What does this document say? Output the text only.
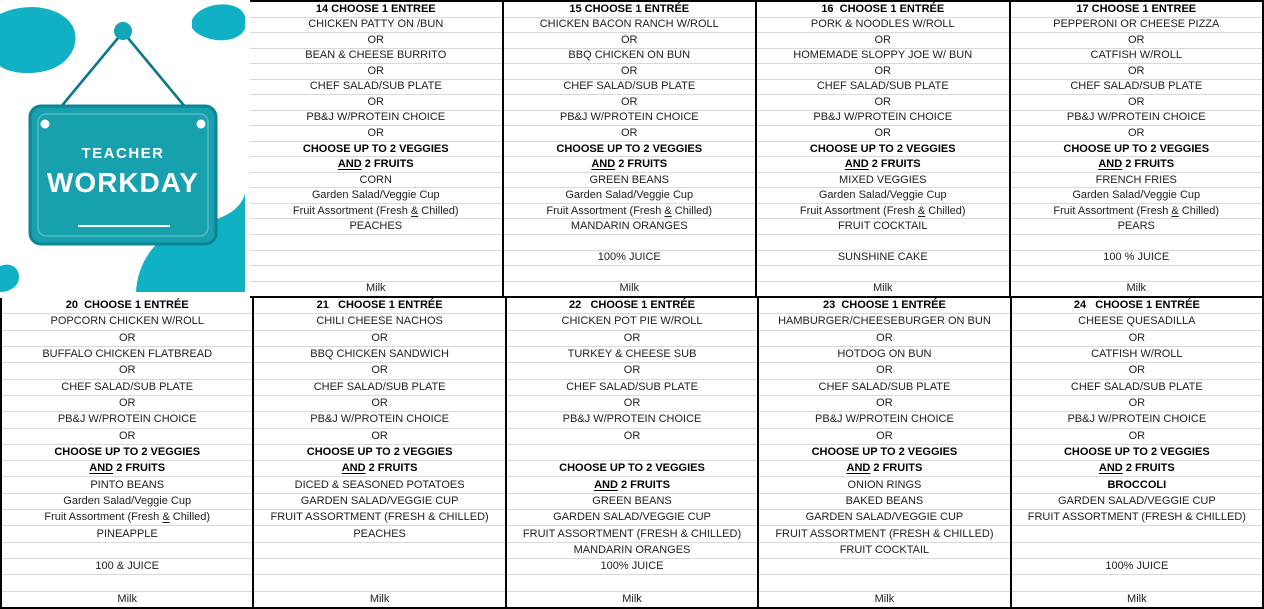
TEACHER
WORKDAY
14 CHOOSE 1 ENTREE
CHICKEN PATTY ON /BUN
OR
BEAN & CHEESE BURRITO
OR
CHEF SALAD/SUB PLATE
OR
PB&J W/PROTEIN CHOICE
OR
CHOOSE UP TO 2 VEGGIES
AND 2 FRUITS
CORN
Garden Salad/Veggie Cup
Fruit Assortment (Fresh & Chilled)
PEACHES
Milk
15 CHOOSE 1 ENTRÉE
CHICKEN BACON RANCH W/ROLL
OR
BBQ CHICKEN ON BUN
OR
CHEF SALAD/SUB PLATE
OR
PB&J W/PROTEIN CHOICE
OR
CHOOSE UP TO 2 VEGGIES
AND 2 FRUITS
GREEN BEANS
Garden Salad/Veggie Cup
Fruit Assortment (Fresh & Chilled)
MANDARIN ORANGES
100% JUICE
Milk
16  CHOOSE 1 ENTRÉE
PORK & NOODLES W/ROLL
OR
HOMEMADE SLOPPY JOE W/ BUN
OR
CHEF SALAD/SUB PLATE
OR
PB&J W/PROTEIN CHOICE
OR
CHOOSE UP TO 2 VEGGIES
AND 2 FRUITS
MIXED VEGGIES
Garden Salad/Veggie Cup
Fruit Assortment (Fresh & Chilled)
FRUIT COCKTAIL
SUNSHINE CAKE
Milk
17 CHOOSE 1 ENTREE
PEPPERONI OR CHEESE PIZZA
OR
CATFISH W/ROLL
OR
CHEF SALAD/SUB PLATE
OR
PB&J W/PROTEIN CHOICE
OR
CHOOSE UP TO 2 VEGGIES
AND 2 FRUITS
FRENCH FRIES
Garden Salad/Veggie Cup
Fruit Assortment (Fresh & Chilled)
PEARS
100 % JUICE
Milk
20  CHOOSE 1 ENTRÉE
POPCORN CHICKEN W/ROLL
OR
BUFFALO CHICKEN FLATBREAD
OR
CHEF SALAD/SUB PLATE
OR
PB&J W/PROTEIN CHOICE
OR
CHOOSE UP TO 2 VEGGIES
AND 2 FRUITS
PINTO BEANS
Garden Salad/Veggie Cup
Fruit Assortment (Fresh & Chilled)
PINEAPPLE
100 & JUICE
Milk
21   CHOOSE 1 ENTRÉE
CHILI CHEESE NACHOS
OR
BBQ CHICKEN SANDWICH
OR
CHEF SALAD/SUB PLATE
OR
PB&J W/PROTEIN CHOICE
OR
CHOOSE UP TO 2 VEGGIES
AND 2 FRUITS
DICED & SEASONED POTATOES
GARDEN SALAD/VEGGIE CUP
FRUIT ASSORTMENT (FRESH & CHILLED)
PEACHES
Milk
22   CHOOSE 1 ENTRÉE
CHICKEN POT PIE W/ROLL
OR
TURKEY & CHEESE SUB
OR
CHEF SALAD/SUB PLATE
OR
PB&J W/PROTEIN CHOICE
OR
CHOOSE UP TO 2 VEGGIES
AND 2 FRUITS
GREEN BEANS
GARDEN SALAD/VEGGIE CUP
FRUIT ASSORTMENT (FRESH & CHILLED)
MANDARIN ORANGES
100% JUICE
Milk
23  CHOOSE 1 ENTRÉE
HAMBURGER/CHEESEBURGER ON BUN
OR
HOTDOG ON BUN
OR
CHEF SALAD/SUB PLATE
OR
PB&J W/PROTEIN CHOICE
OR
CHOOSE UP TO 2 VEGGIES
AND 2 FRUITS
ONION RINGS
BAKED BEANS
GARDEN SALAD/VEGGIE CUP
FRUIT ASSORTMENT (FRESH & CHILLED)
FRUIT COCKTAIL
Milk
24   CHOOSE 1 ENTRÉE
CHEESE QUESADILLA
OR
CATFISH W/ROLL
OR
CHEF SALAD/SUB PLATE
OR
PB&J W/PROTEIN CHOICE
OR
CHOOSE UP TO 2 VEGGIES
AND 2 FRUITS
BROCCOLI
GARDEN SALAD/VEGGIE CUP
FRUIT ASSORTMENT (FRESH & CHILLED)
100% JUICE
Milk
